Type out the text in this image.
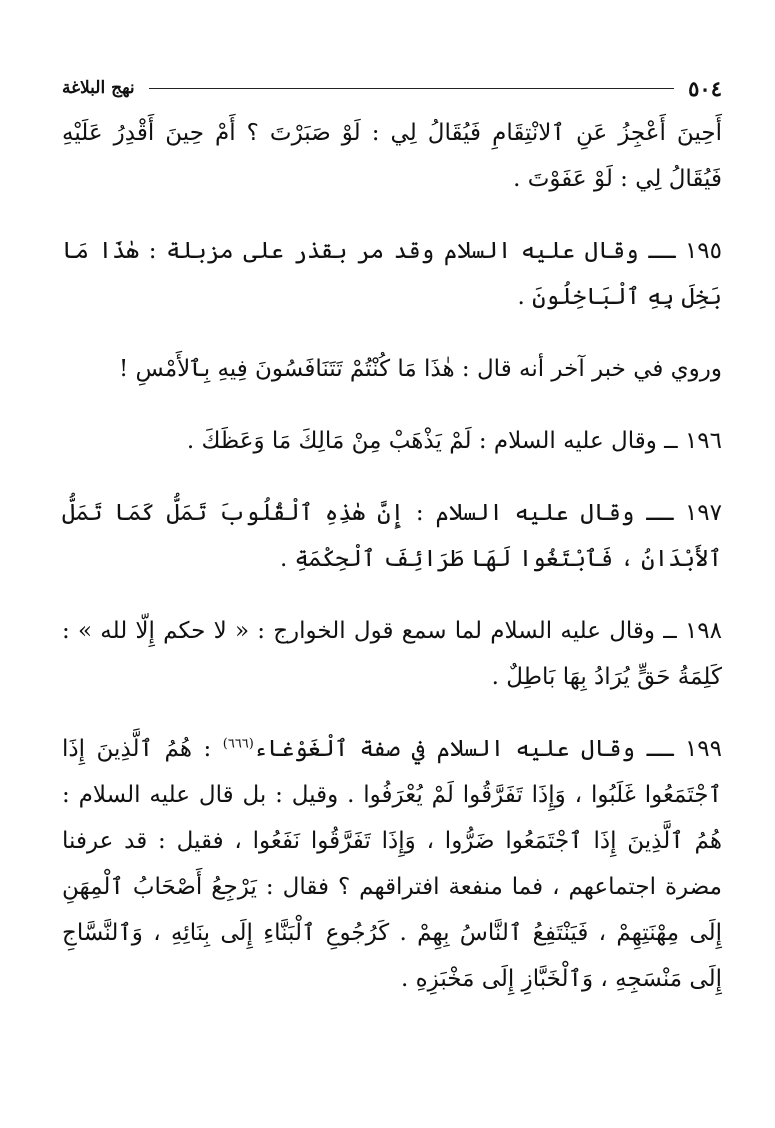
٥٠٤
نهج البلاغة

أَحِينَ أَعْجِزُ عَنِ ٱلانْتِقَامِ فَيُقَالُ لِي : لَوْ صَبَرْتَ ؟ أَمْ حِينَ أَقْدِرُ عَلَيْهِ فَيُقَالُ لِي : لَوْ عَفَوْتَ .

١٩٥ ــ وقال عليه السلام وقد مر بقذر على مزبلة : هٰذَا مَا بَخِلَ بِهِ ٱلْبَاخِلُونَ .

وروي في خبر آخر أنه قال : هٰذَا مَا كُنْتُمْ تَتَنَافَسُونَ فِيهِ بِٱلأَمْسِ !

١٩٦ ــ وقال عليه السلام : لَمْ يَذْهَبْ مِنْ مَالِكَ مَا وَعَظَكَ .

١٩٧ ــ وقال عليه السلام : إِنَّ هٰذِهِ ٱلْقُلُوبَ تَمَلُّ كَمَا تَمَلُّ ٱلأَبْدَانُ ، فَٱبْتَغُوا لَهَا طَرَائِفَ ٱلْحِكْمَةِ .

١٩٨ ــ وقال عليه السلام لما سمع قول الخوارج : « لا حكم إِلّا لله » : كَلِمَةُ حَقٍّ يُرَادُ بِهَا بَاطِلٌ .

١٩٩ ــ وقال عليه السلام في صفة ٱلْغَوْغاء$^{(٦٦٦)}$ : هُمُ ٱلَّذِينَ إِذَا ٱجْتَمَعُوا غَلَبُوا ، وَإِذَا تَفَرَّقُوا لَمْ يُعْرَفُوا . وقيل : بل قال عليه السلام : هُمُ ٱلَّذِينَ إِذَا ٱجْتَمَعُوا ضَرُّوا ، وَإِذَا تَفَرَّقُوا نَفَعُوا ، فقيل : قد عرفنا مضرة اجتماعهم ، فما منفعة افتراقهم ؟ فقال : يَرْجِعُ أَصْحَابُ ٱلْمِهَنِ إِلَى مِهْنَتِهِمْ ، فَيَنْتَفِعُ ٱلنَّاسُ بِهِمْ . كَرُجُوعِ ٱلْبَنَّاءِ إِلَى بِنَائِهِ ، وَٱلنَّسَّاجِ إِلَى مَنْسَجِهِ ، وَٱلْخَبَّازِ إِلَى مَخْبَزِهِ .
